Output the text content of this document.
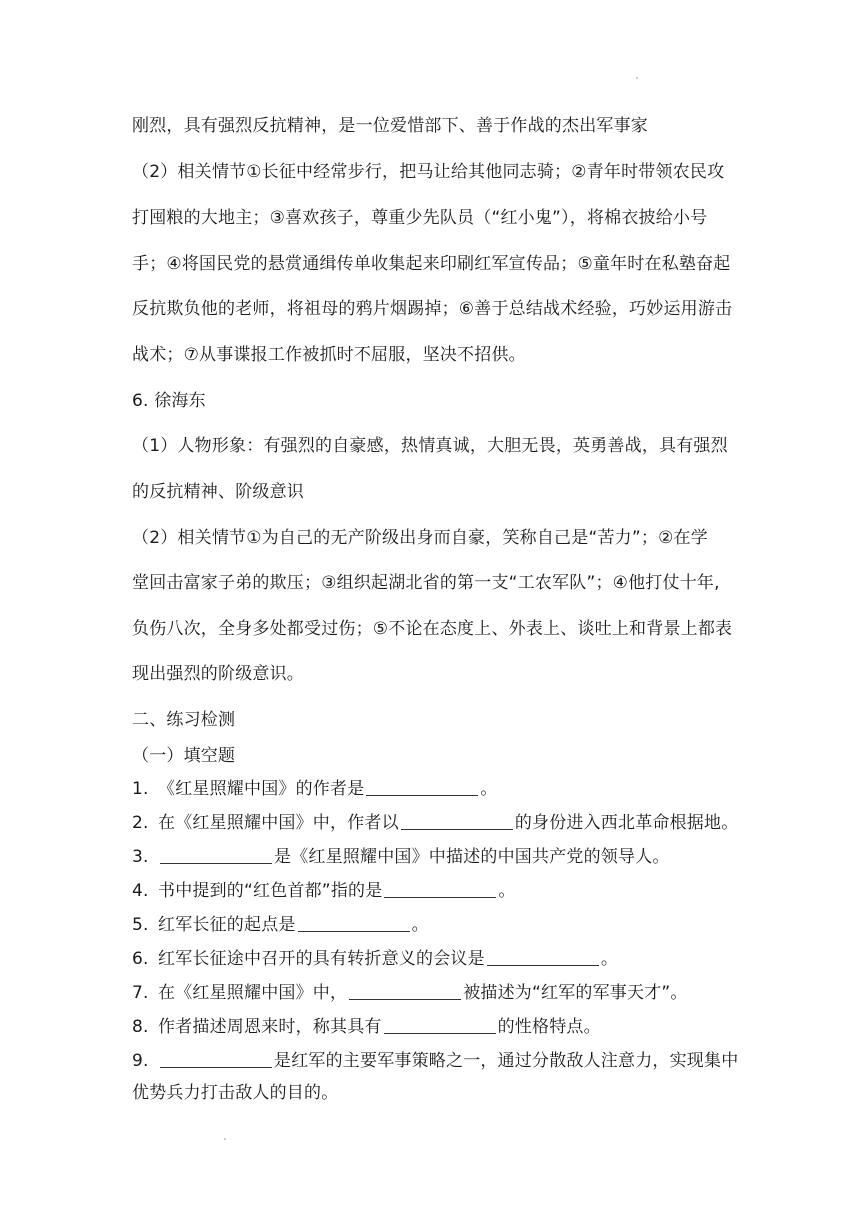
刚烈，具有强烈反抗精神，是一位爱惜部下、善于作战的杰出军事家
（2）相关情节①长征中经常步行，把马让给其他同志骑；②青年时带领农民攻
打囤粮的大地主；③喜欢孩子，尊重少先队员（“红小鬼”），将棉衣披给小号
手；④将国民党的悬赏通缉传单收集起来印刷红军宣传品；⑤童年时在私塾奋起
反抗欺负他的老师，将祖母的鸦片烟踢掉；⑥善于总结战术经验，巧妙运用游击
战术；⑦从事谍报工作被抓时不屈服，坚决不招供。
6. 徐海东
（1）人物形象：有强烈的自豪感，热情真诚，大胆无畏，英勇善战，具有强烈
的反抗精神、阶级意识
（2）相关情节①为自己的无产阶级出身而自豪，笑称自己是“苦力”；②在学
堂回击富家子弟的欺压；③组织起湖北省的第一支“工农军队”；④他打仗十年,
负伤八次，全身多处都受过伤；⑤不论在态度上、外表上、谈吐上和背景上都表
现出强烈的阶级意识。
二、练习检测
（一）填空题
1. 《红星照耀中国》的作者是	。
2. 在《红星照耀中国》中，作者以	的身份进入西北革命根据地。
3.	是《红星照耀中国》中描述的中国共产党的领导人。
4. 书中提到的“红色首都”指的是	。
5. 红军长征的起点是	。
6. 红军长征途中召开的具有转折意义的会议是	。
7. 在《红星照耀中国》中，	被描述为“红军的军事天才”。
8. 作者描述周恩来时，称其具有	的性格特点。
9.	是红军的主要军事策略之一，通过分散敌人注意力，实现集中
优势兵力打击敌人的目的。
